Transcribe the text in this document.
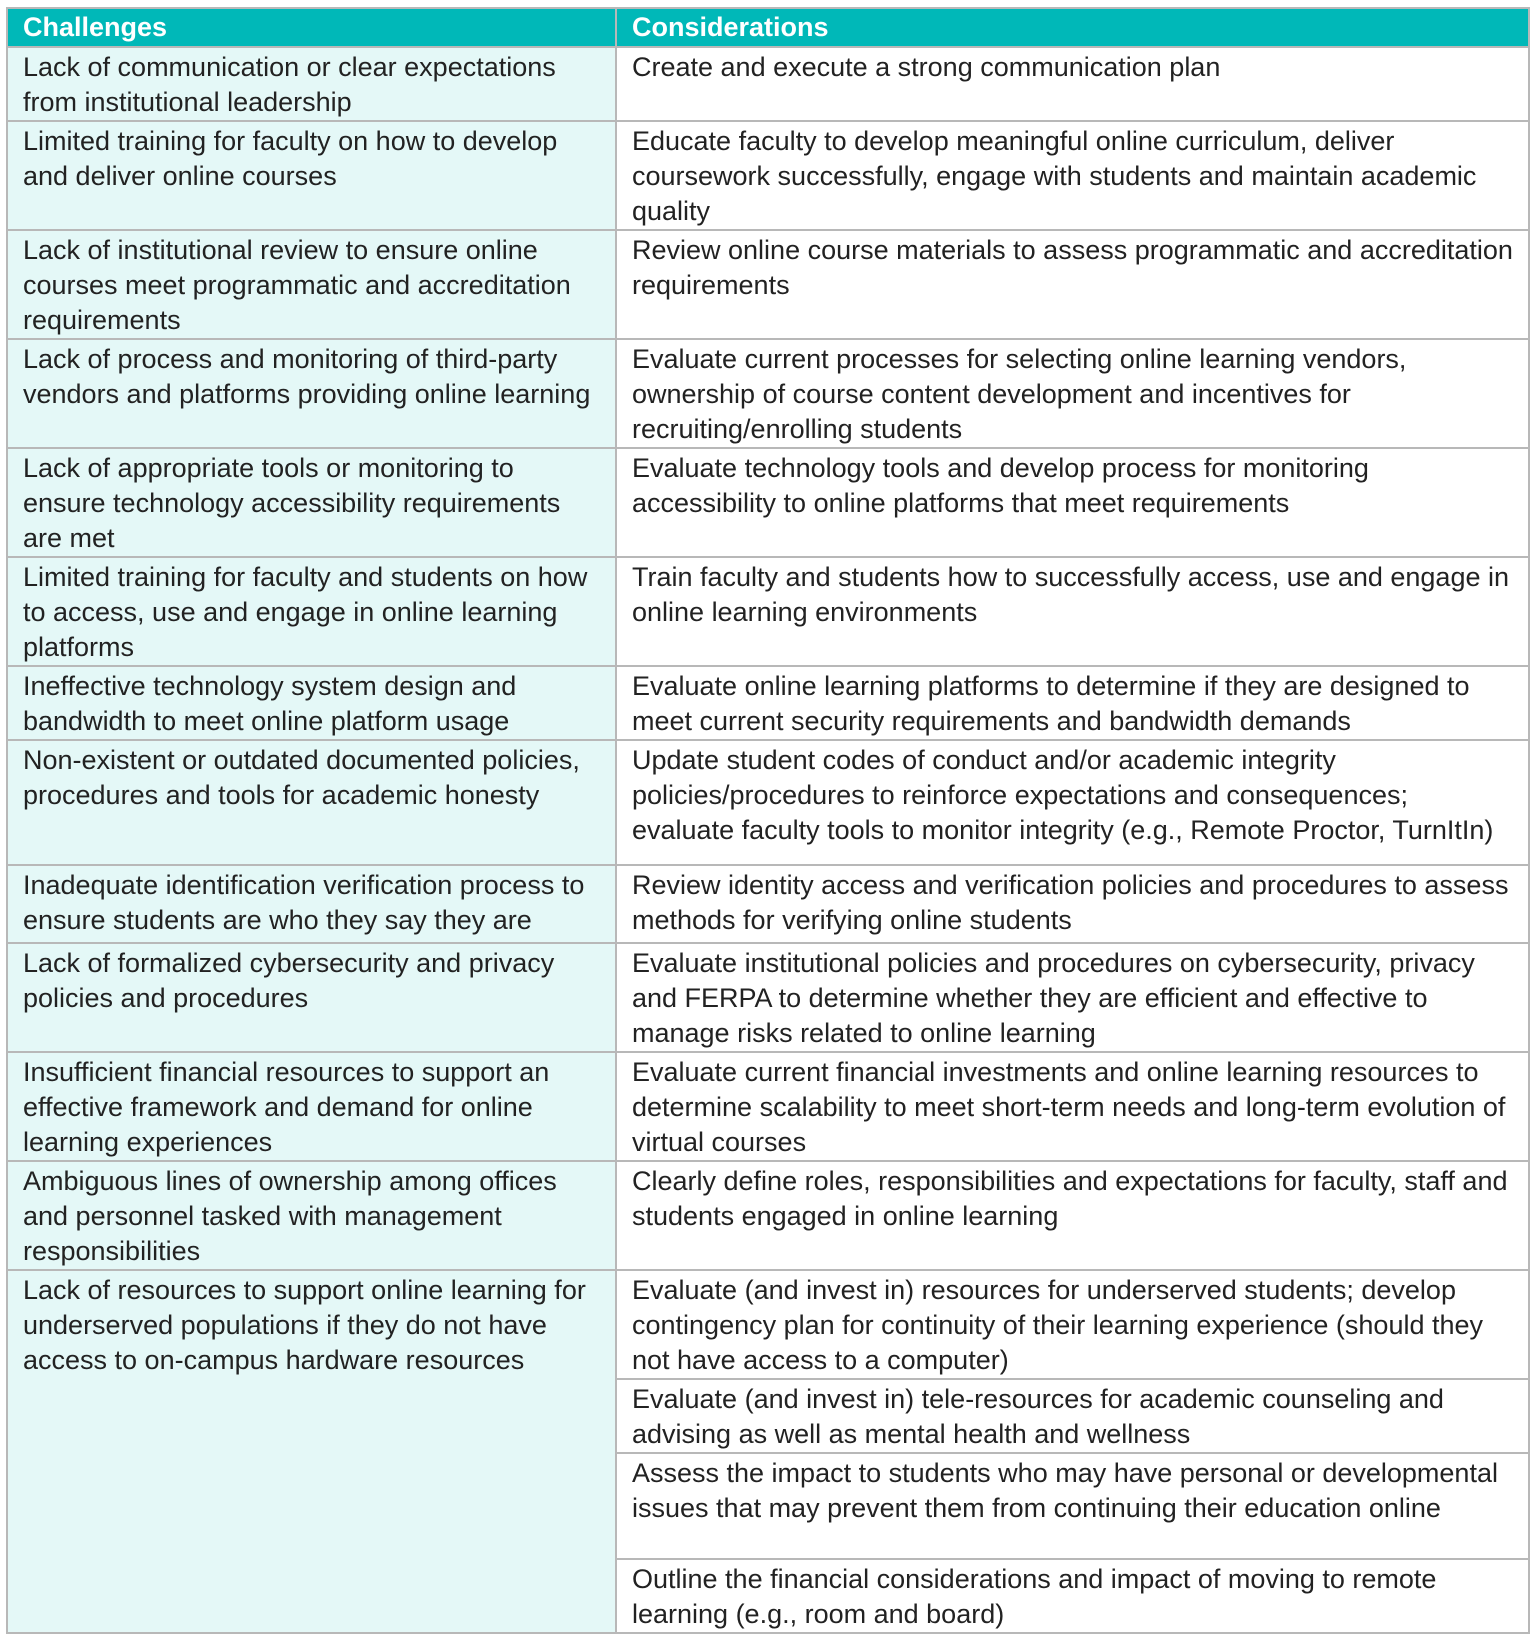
Challenges	Considerations
Lack of communication or clear expectations from institutional leadership	Create and execute a strong communication plan
Limited training for faculty on how to develop and deliver online courses	Educate faculty to develop meaningful online curriculum, deliver coursework successfully, engage with students and maintain academic quality
Lack of institutional review to ensure online courses meet programmatic and accreditation requirements	Review online course materials to assess programmatic and accreditation requirements
Lack of process and monitoring of third-party vendors and platforms providing online learning	Evaluate current processes for selecting online learning vendors, ownership of course content development and incentives for recruiting/enrolling students
Lack of appropriate tools or monitoring to ensure technology accessibility requirements are met	Evaluate technology tools and develop process for monitoring accessibility to online platforms that meet requirements
Limited training for faculty and students on how to access, use and engage in online learning platforms	Train faculty and students how to successfully access, use and engage in online learning environments
Ineffective technology system design and bandwidth to meet online platform usage	Evaluate online learning platforms to determine if they are designed to meet current security requirements and bandwidth demands
Non-existent or outdated documented policies, procedures and tools for academic honesty	Update student codes of conduct and/or academic integrity policies/procedures to reinforce expectations and consequences; evaluate faculty tools to monitor integrity (e.g., Remote Proctor, TurnItIn)
Inadequate identification verification process to ensure students are who they say they are	Review identity access and verification policies and procedures to assess methods for verifying online students
Lack of formalized cybersecurity and privacy policies and procedures	Evaluate institutional policies and procedures on cybersecurity, privacy and FERPA to determine whether they are efficient and effective to manage risks related to online learning
Insufficient financial resources to support an effective framework and demand for online learning experiences	Evaluate current financial investments and online learning resources to determine scalability to meet short-term needs and long-term evolution of virtual courses
Ambiguous lines of ownership among offices and personnel tasked with management responsibilities	Clearly define roles, responsibilities and expectations for faculty, staff and students engaged in online learning
Lack of resources to support online learning for underserved populations if they do not have access to on-campus hardware resources	Evaluate (and invest in) resources for underserved students; develop contingency plan for continuity of their learning experience (should they not have access to a computer)
	Evaluate (and invest in) tele-resources for academic counseling and advising as well as mental health and wellness
	Assess the impact to students who may have personal or developmental issues that may prevent them from continuing their education online
	Outline the financial considerations and impact of moving to remote learning (e.g., room and board)
